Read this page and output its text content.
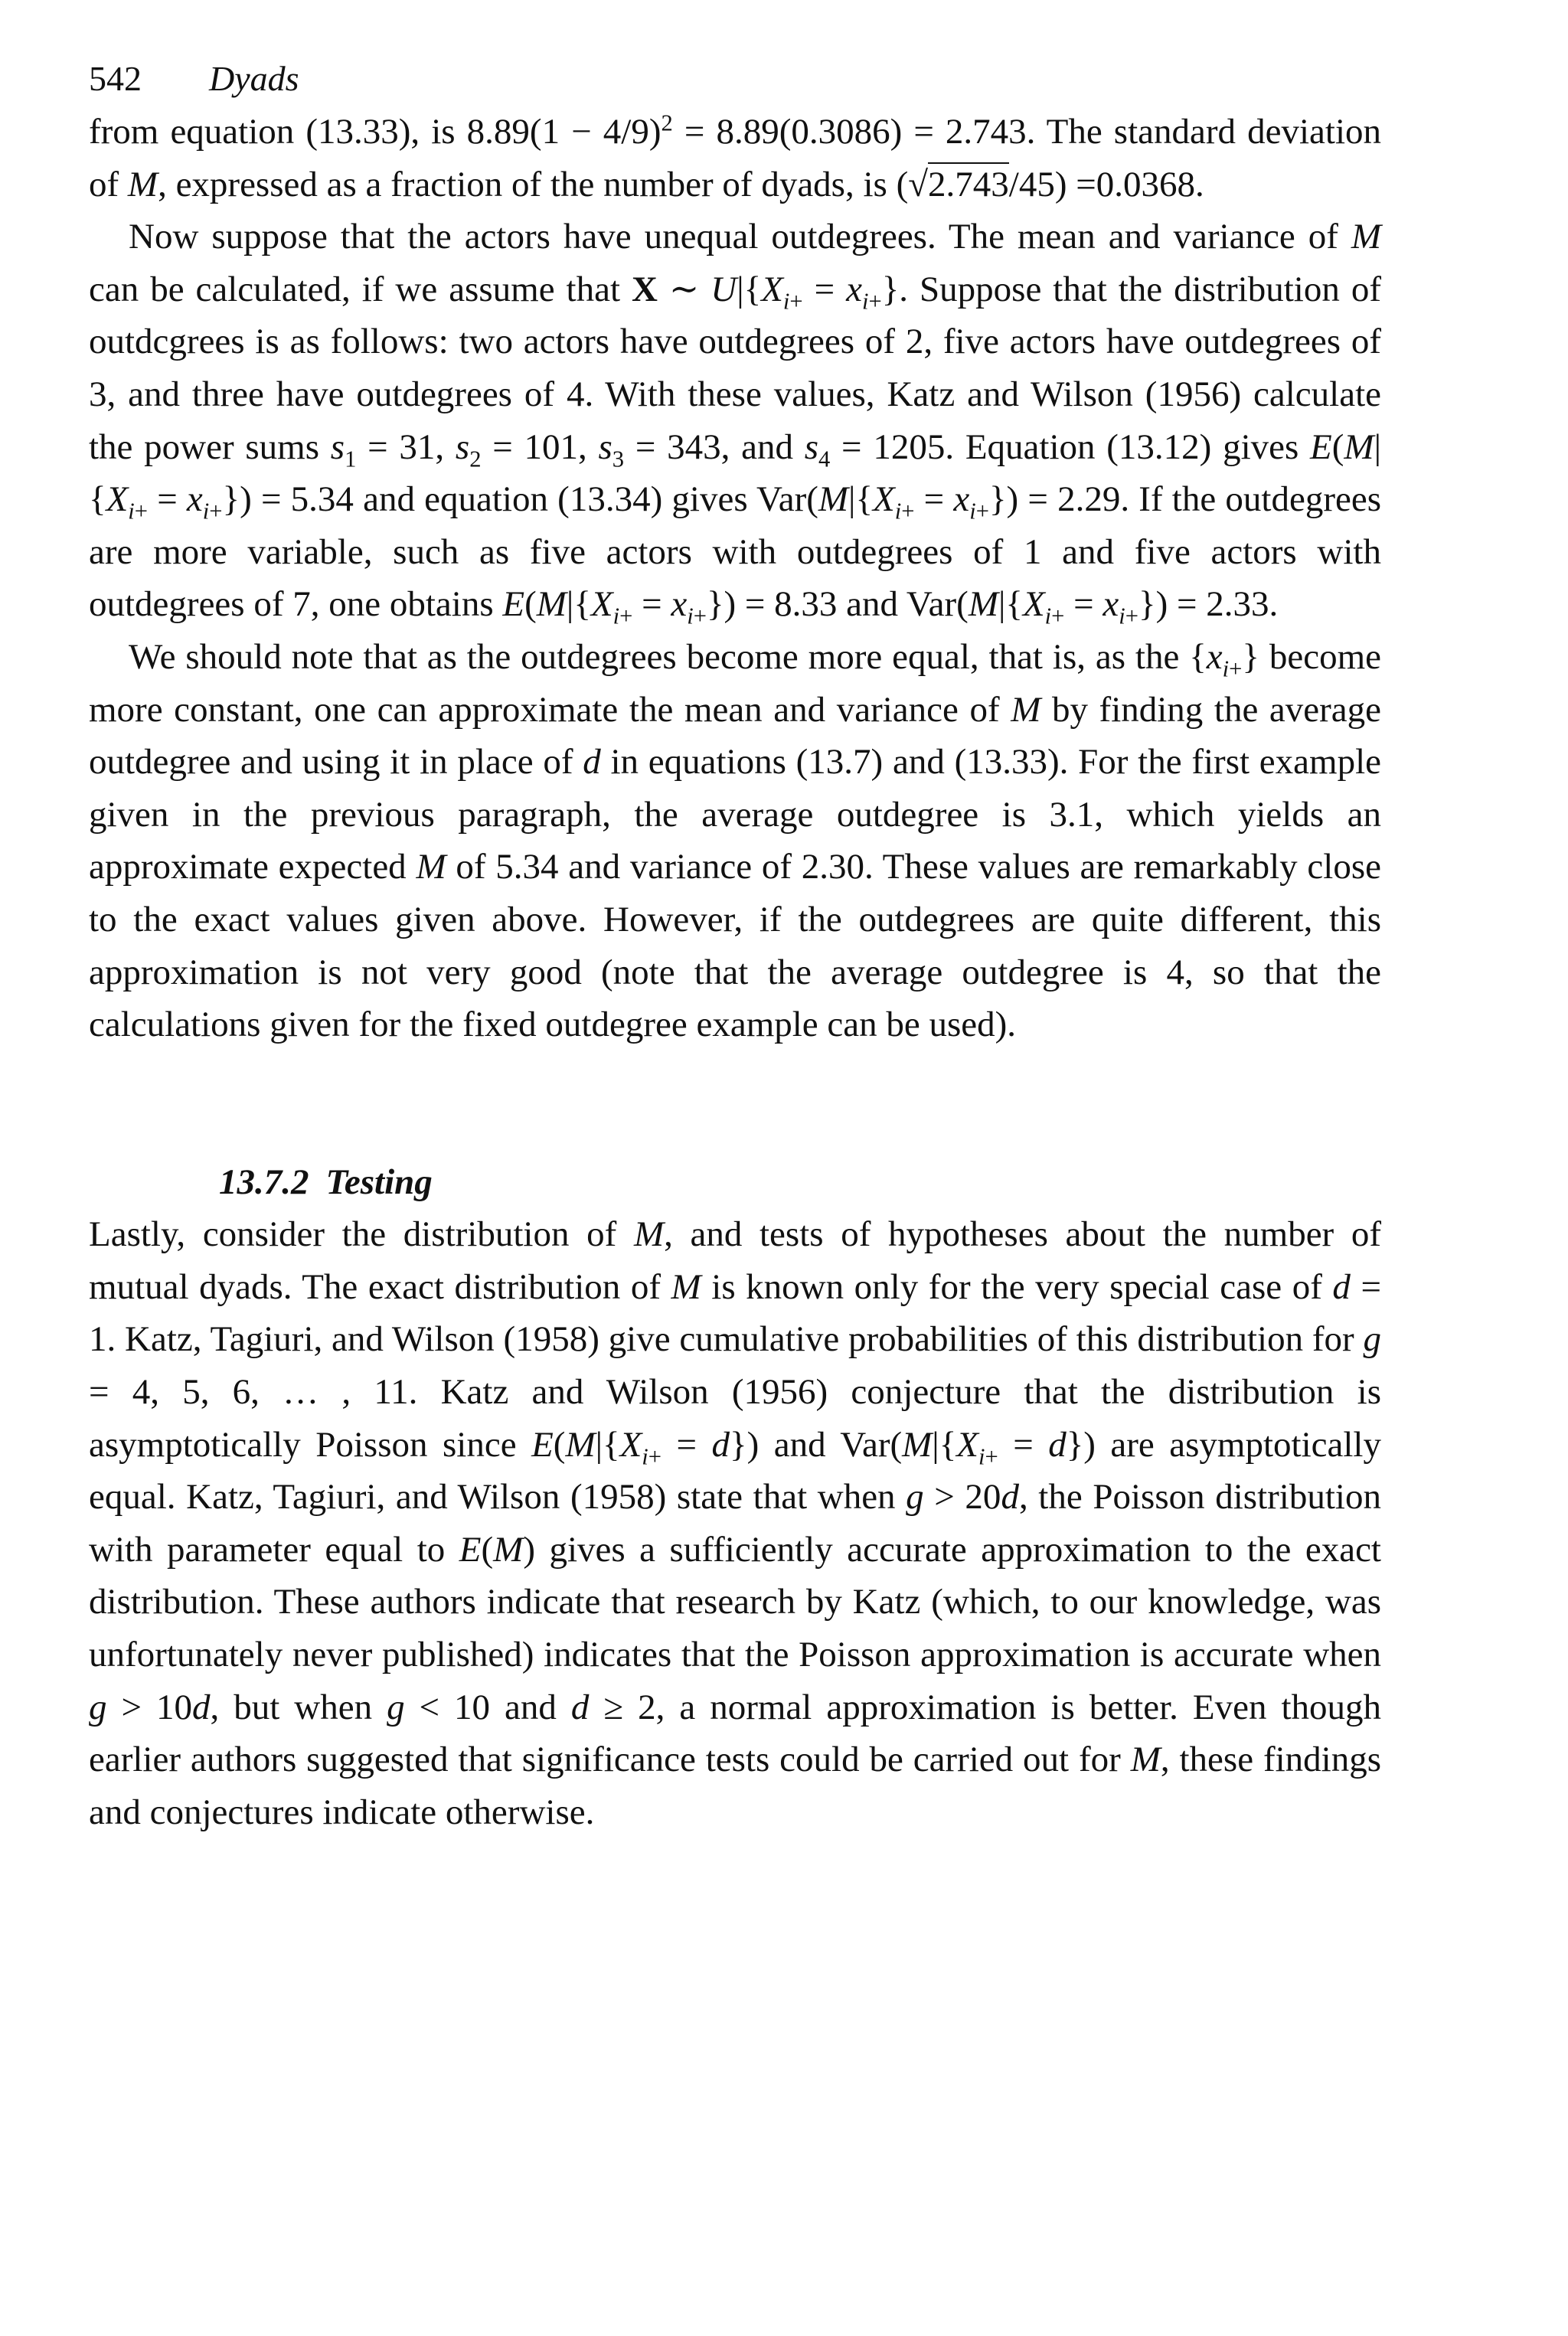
542 Dyads

from equation (13.33), is $8.89(1 - 4/9)^2 = 8.89(0.3086) = 2.743$. The standard deviation of M, expressed as a fraction of the number of dyads, is (√2.743/45) =0.0368.

Now suppose that the actors have unequal outdegrees. The mean and variance of M can be calculated, if we assume that X ∼ $U|\{X_{i+} = x_{i+}\}$. Suppose that the distribution of outdcgrees is as follows: two actors have outdegrees of 2, five actors have outdegrees of 3, and three have outdegrees of 4. With these values, Katz and Wilson (1956) calculate the power sums $s_1 = 31$, $s_2 = 101$, $s_3 = 343$, and $s_4 = 1205$. Equation (13.12) gives $E(M|\{X_{i+} = x_{i+}\}) = 5.34$ and equation (13.34) gives $Var(M|\{X_{i+} = x_{i+}\}) = 2.29$. If the outdegrees are more variable, such as five actors with outdegrees of 1 and five actors with outdegrees of 7, one obtains $E(M|\{X_{i+} = x_{i+}\}) = 8.33$ and $Var(M|\{X_{i+} = x_{i+}\}) = 2.33$.

We should note that as the outdegrees become more equal, that is, as the $\{x_{i+}\}$ become more constant, one can approximate the mean and variance of M by finding the average outdegree and using it in place of d in equations (13.7) and (13.33). For the first example given in the previous paragraph, the average outdegree is 3.1, which yields an approximate expected M of 5.34 and variance of 2.30. These values are remarkably close to the exact values given above. However, if the outdegrees are quite different, this approximation is not very good (note that the average outdegree is 4, so that the calculations given for the fixed outdegree example can be used).

13.7.2 Testing

Lastly, consider the distribution of M, and tests of hypotheses about the number of mutual dyads. The exact distribution of M is known only for the very special case of d = 1. Katz, Tagiuri, and Wilson (1958) give cumulative probabilities of this distribution for g = 4, 5, 6, … , 11. Katz and Wilson (1956) conjecture that the distribution is asymptotically Poisson since $E(M|\{X_{i+} = d\})$ and $Var(M|\{X_{i+} = d\})$ are asymptotically equal. Katz, Tagiuri, and Wilson (1958) state that when g > 20d, the Poisson distribution with parameter equal to E(M) gives a sufficiently accurate approximation to the exact distribution. These authors indicate that research by Katz (which, to our knowledge, was unfortunately never published) indicates that the Poisson approximation is accurate when g > 10d, but when g < 10 and d ≥ 2, a normal approximation is better. Even though earlier authors suggested that significance tests could be carried out for M, these findings and conjectures indicate otherwise.
